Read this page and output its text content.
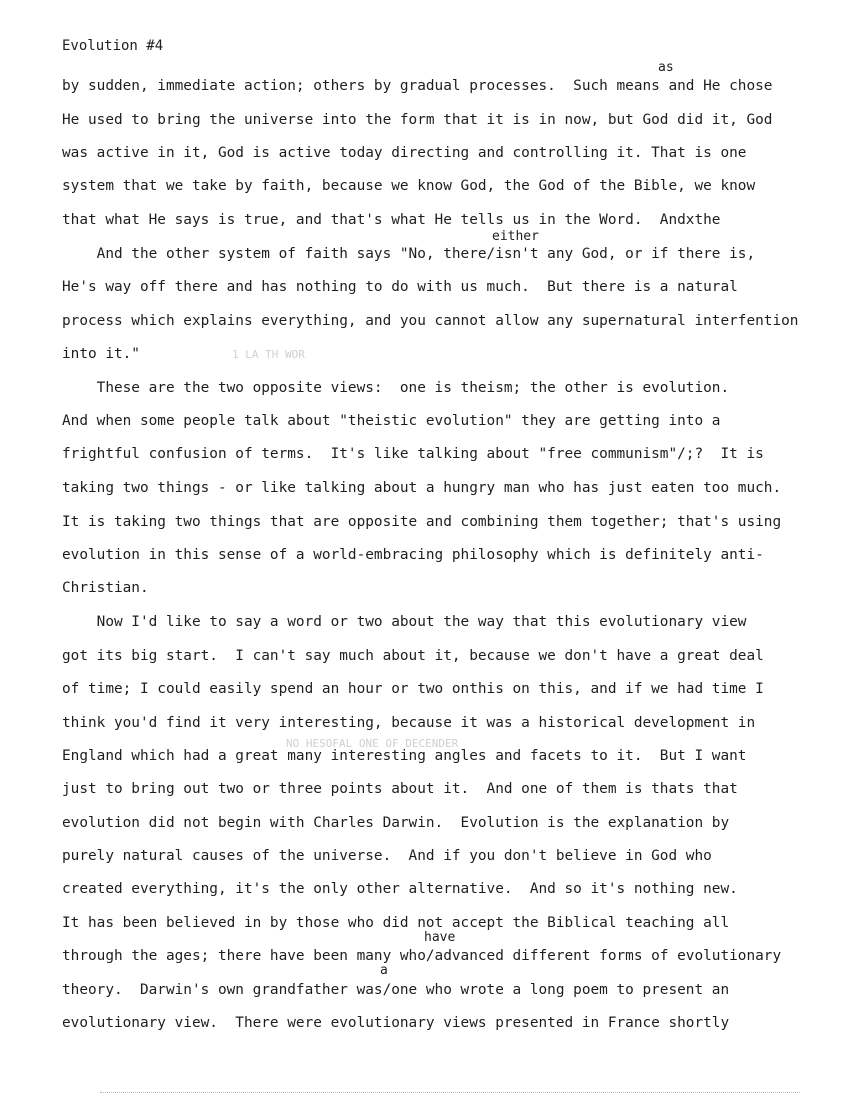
Evolution #4
as
either
have
a
NO HESOFAL ONE OF DECENDER
1 LA TH WOR
by sudden, immediate action; others by gradual processes.  Such means and He chose
He used to bring the universe into the form that it is in now, but God did it, God
was active in it, God is active today directing and controlling it. That is one
system that we take by faith, because we know God, the God of the Bible, we know
that what He says is true, and that's what He tells us in the Word.  Andxthe
And the other system of faith says "No, there/isn't any God, or if there is,
He's way off there and has nothing to do with us much.  But there is a natural
process which explains everything, and you cannot allow any supernatural interfention
into it."
These are the two opposite views:  one is theism; the other is evolution.
And when some people talk about "theistic evolution" they are getting into a
frightful confusion of terms.  It's like talking about "free communism"/;?  It is
taking two things - or like talking about a hungry man who has just eaten too much.
It is taking two things that are opposite and combining them together; that's using
evolution in this sense of a world-embracing philosophy which is definitely anti-
Christian.
Now I'd like to say a word or two about the way that this evolutionary view
got its big start.  I can't say much about it, because we don't have a great deal
of time; I could easily spend an hour or two onthis on this, and if we had time I
think you'd find it very interesting, because it was a historical development in
England which had a great many interesting angles and facets to it.  But I want
just to bring out two or three points about it.  And one of them is thats that
evolution did not begin with Charles Darwin.  Evolution is the explanation by
purely natural causes of the universe.  And if you don't believe in God who
created everything, it's the only other alternative.  And so it's nothing new.
It has been believed in by those who did not accept the Biblical teaching all
through the ages; there have been many who/advanced different forms of evolutionary
theory.  Darwin's own grandfather was/one who wrote a long poem to present an
evolutionary view.  There were evolutionary views presented in France shortly
